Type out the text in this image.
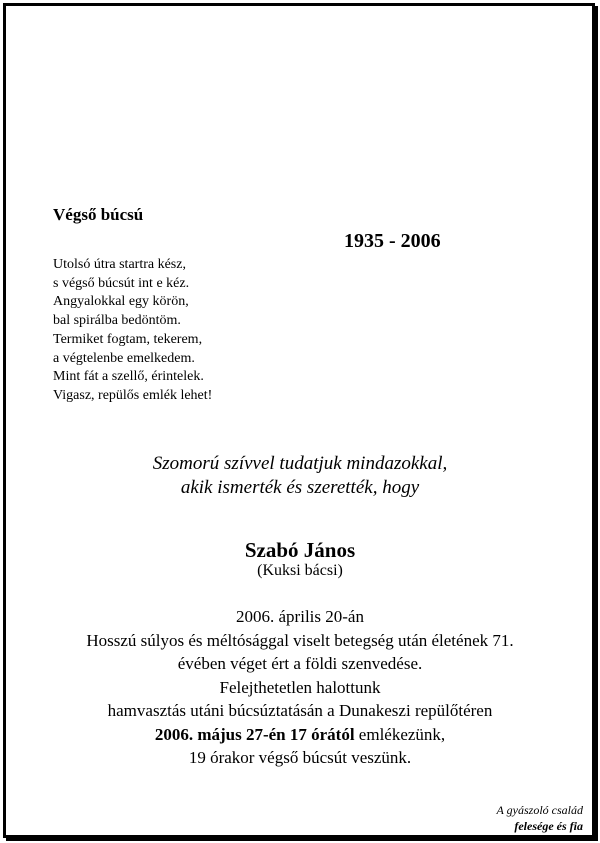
Végső búcsú
1935 - 2006
Utolsó útra startra kész,
s végső búcsút int e kéz.
Angyalokkal egy körön,
bal spirálba bedöntöm.
Termiket fogtam, tekerem,
a végtelenbe emelkedem.
Mint fát a szellő, érintelek.
Vigasz, repülős emlék lehet!
Szomorú szívvel tudatjuk mindazokkal,
akik ismerték és szerették, hogy
Szabó János
(Kuksi bácsi)
2006. április 20-án
Hosszú súlyos és méltósággal viselt betegség után életének 71.
évében véget ért a földi szenvedése.
Felejthetetlen halottunk
hamvasztás utáni búcsúztatásán a Dunakeszi repülőtéren
2006. május 27-én 17 órától emlékezünk,
19 órakor végső búcsút veszünk.
A gyászoló család
felesége és fia
